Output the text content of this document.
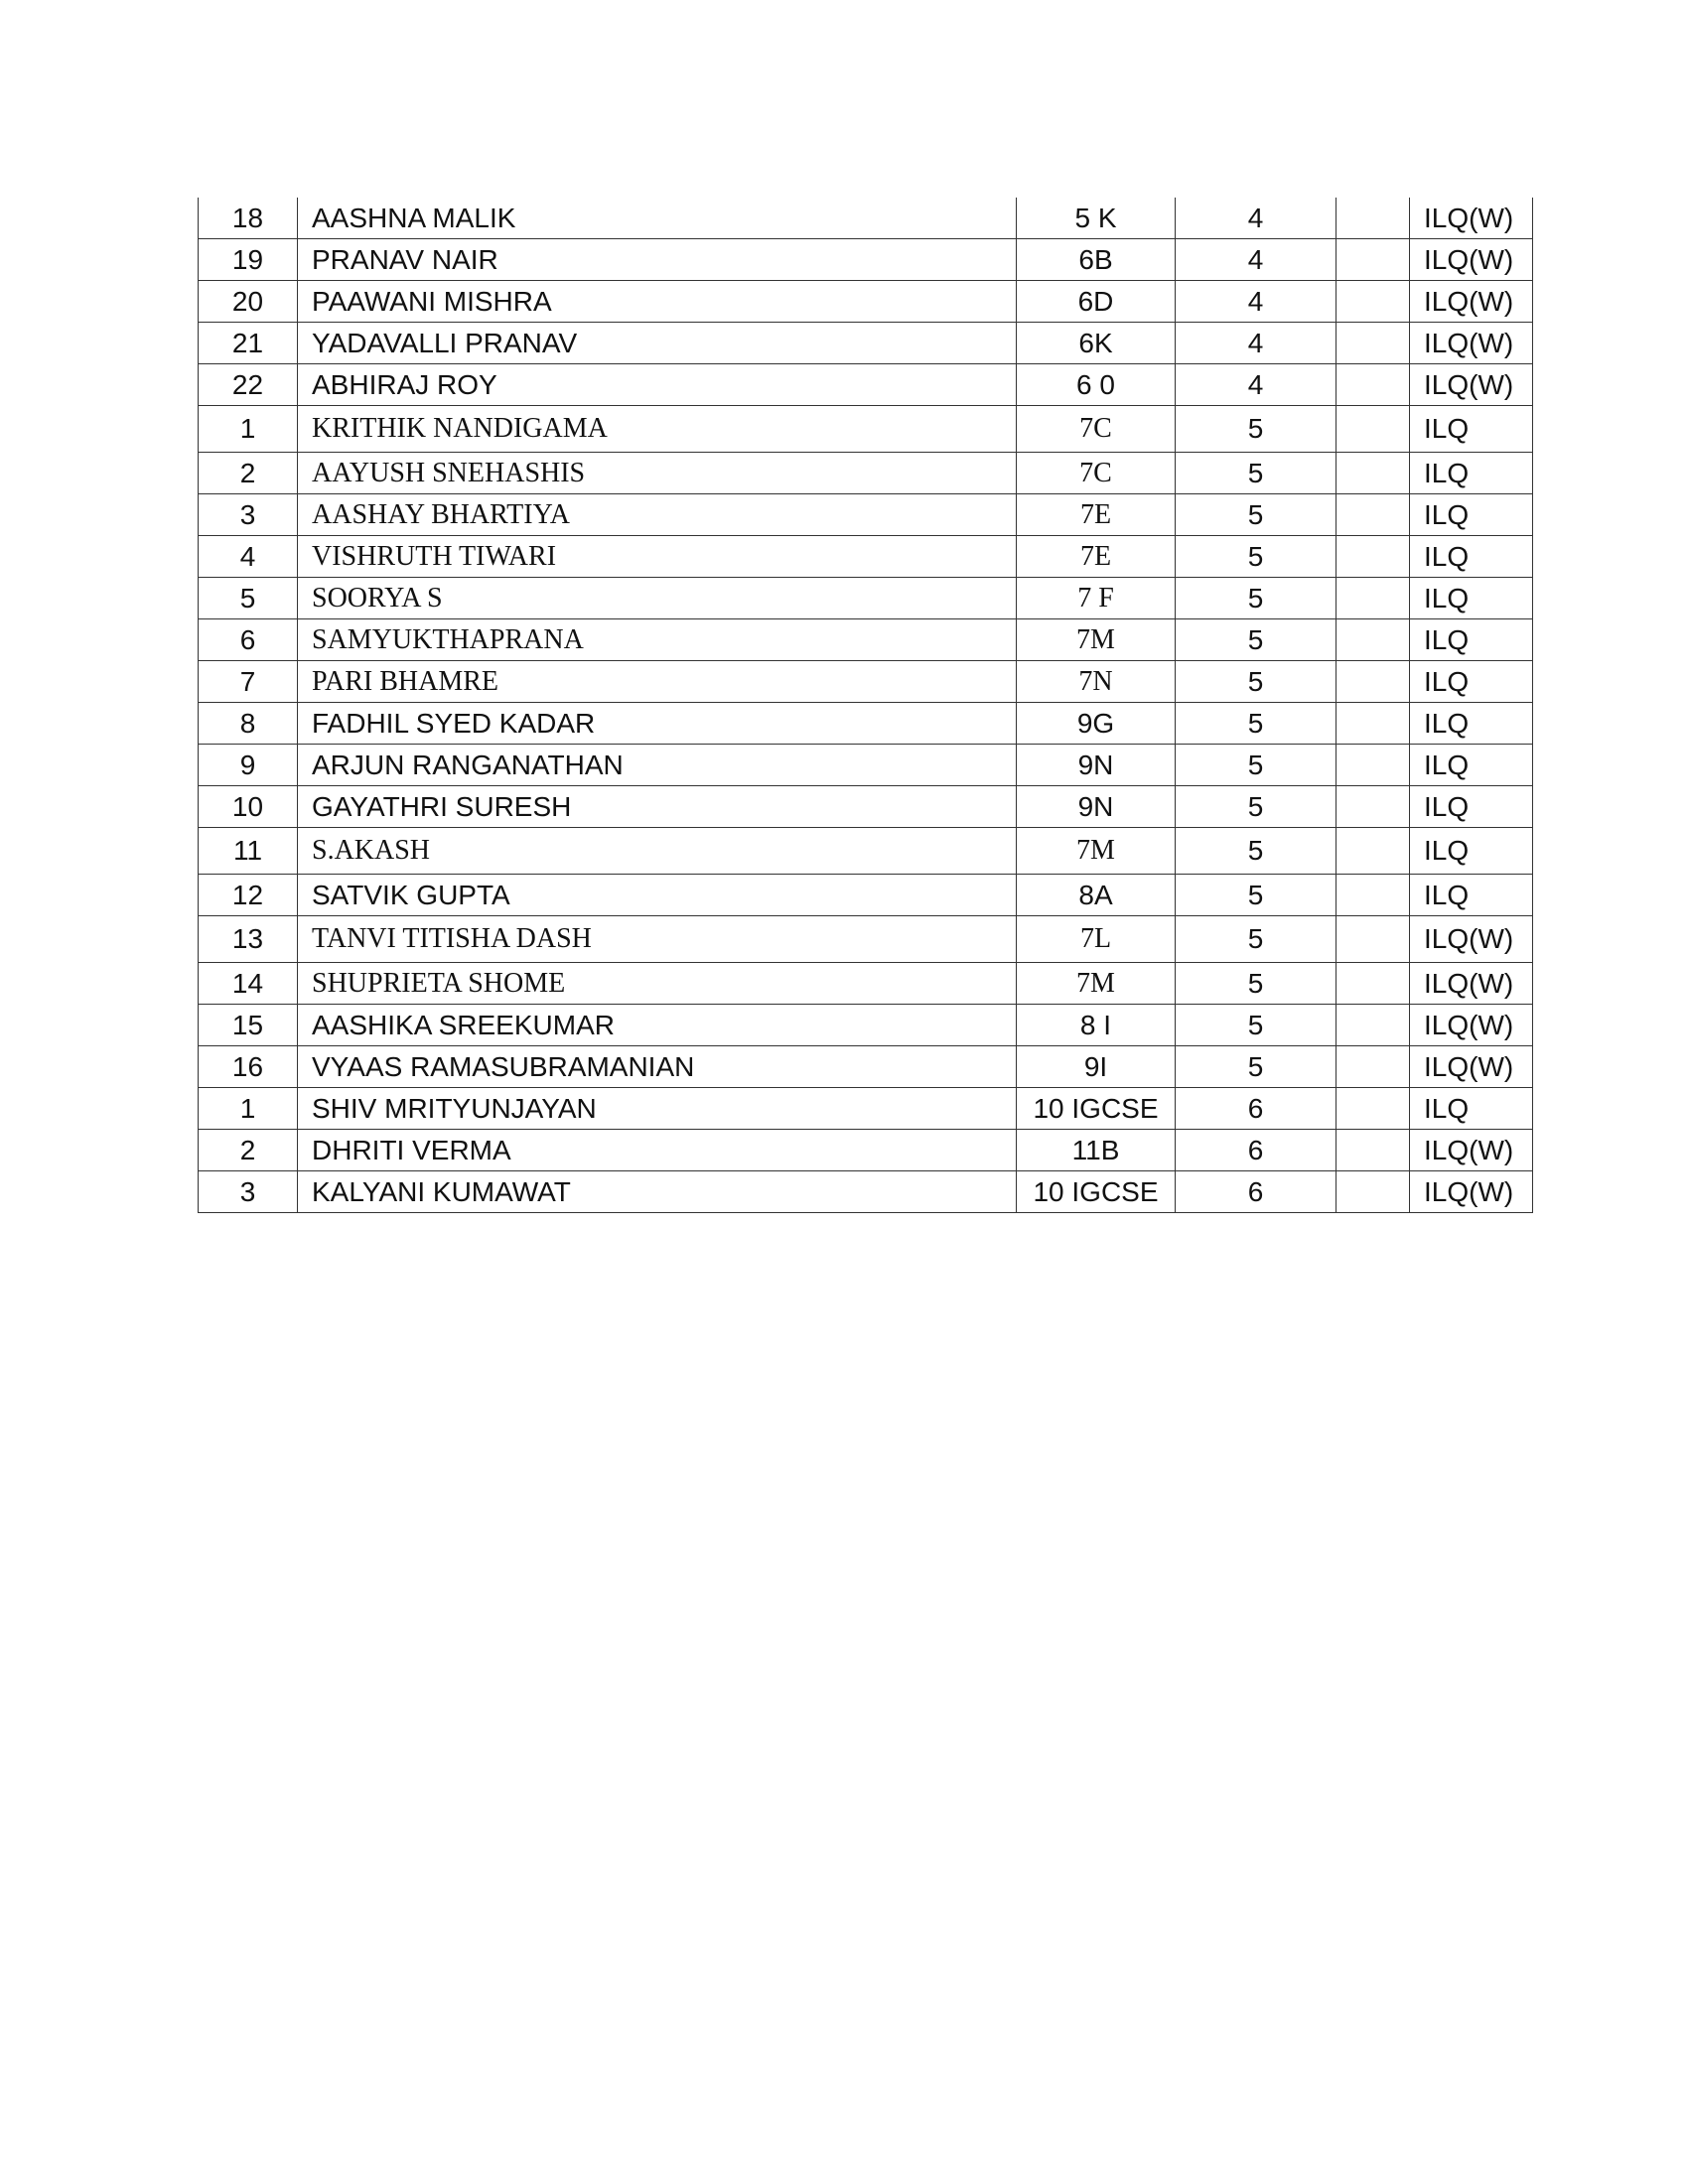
18	AASHNA MALIK	5 K	4		ILQ(W)
19	PRANAV NAIR	6B	4		ILQ(W)
20	PAAWANI MISHRA	6D	4		ILQ(W)
21	YADAVALLI PRANAV	6K	4		ILQ(W)
22	ABHIRAJ ROY	6 0	4		ILQ(W)
1	KRITHIK NANDIGAMA	7C	5		ILQ
2	AAYUSH SNEHASHIS	7C	5		ILQ
3	AASHAY BHARTIYA	7E	5		ILQ
4	VISHRUTH TIWARI	7E	5		ILQ
5	SOORYA S	7 F	5		ILQ
6	SAMYUKTHAPRANA	7M	5		ILQ
7	PARI BHAMRE	7N	5		ILQ
8	FADHIL SYED KADAR	9G	5		ILQ
9	ARJUN RANGANATHAN	9N	5		ILQ
10	GAYATHRI SURESH	9N	5		ILQ
11	S.AKASH	7M	5		ILQ
12	SATVIK GUPTA	8A	5		ILQ
13	TANVI TITISHA DASH	7L	5		ILQ(W)
14	SHUPRIETA SHOME	7M	5		ILQ(W)
15	AASHIKA SREEKUMAR	8 I	5		ILQ(W)
16	VYAAS RAMASUBRAMANIAN	9I	5		ILQ(W)
1	SHIV MRITYUNJAYAN	10 IGCSE	6		ILQ
2	DHRITI VERMA	11B	6		ILQ(W)
3	KALYANI KUMAWAT	10 IGCSE	6		ILQ(W)
